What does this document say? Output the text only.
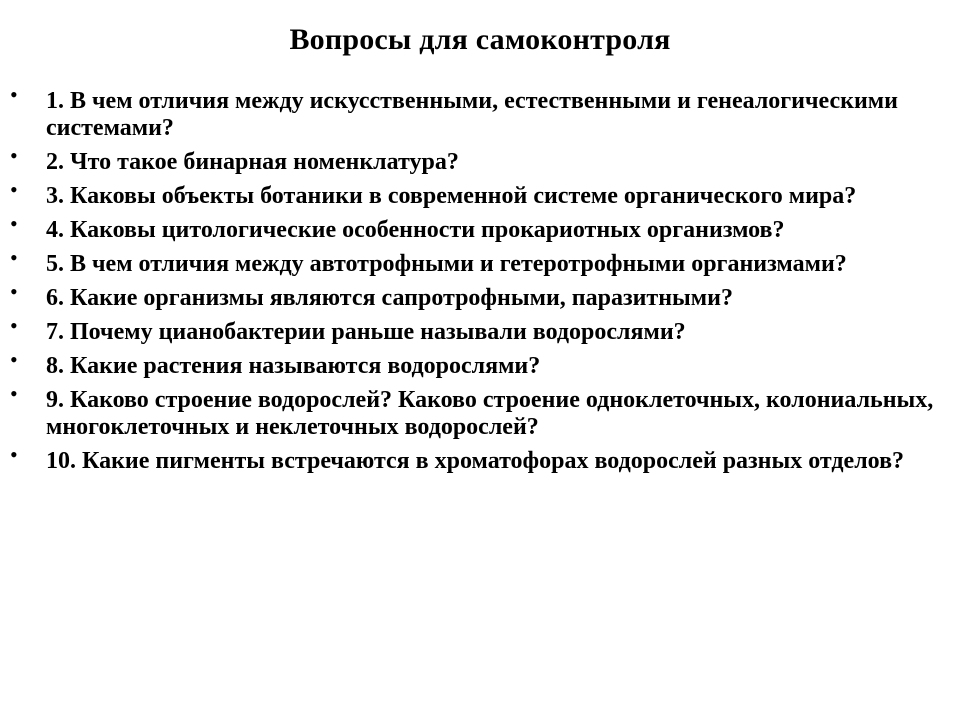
Вопросы для самоконтроля
• 1. В чем отличия между искусственными, естественными и генеалогическими системами?
• 2. Что такое бинарная номенклатура?
• 3. Каковы объекты ботаники в современной системе органического мира?
• 4. Каковы цитологические особенности прокариотных организмов?
• 5. В чем отличия между автотрофными и гетеротрофными организмами?
• 6. Какие организмы являются сапротрофными, паразитными?
• 7. Почему цианобактерии раньше называли водорослями?
• 8. Какие растения называются водорослями?
• 9. Каково строение водорослей? Каково строение одноклеточных, колониальных, многоклеточных и неклеточных водорослей?
• 10. Какие пигменты встречаются в хроматофорах водорослей разных отделов?
